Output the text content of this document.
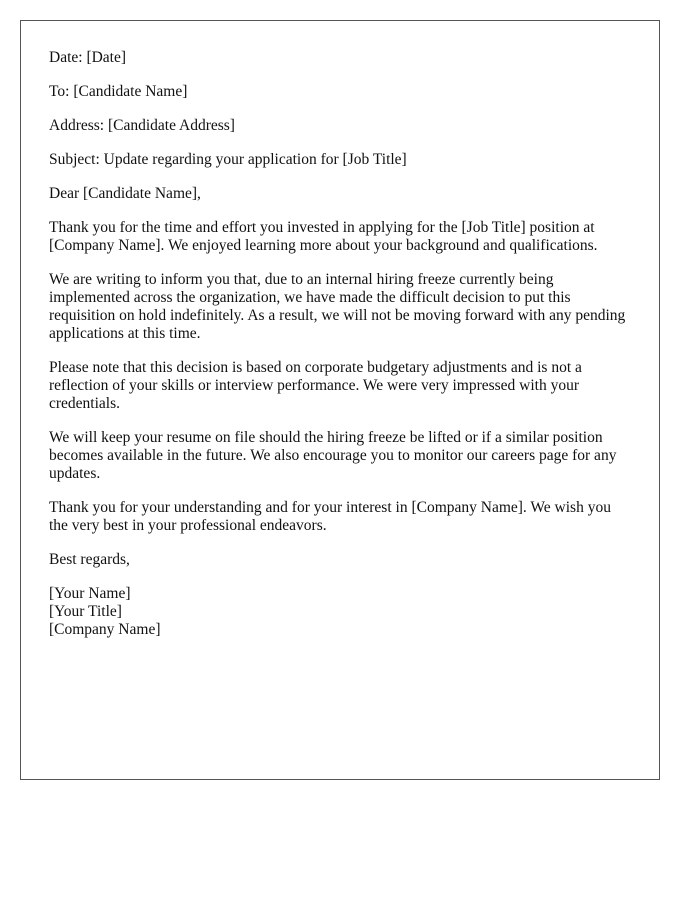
Date: [Date]

To: [Candidate Name]

Address: [Candidate Address]

Subject: Update regarding your application for [Job Title]

Dear [Candidate Name],

Thank you for the time and effort you invested in applying for the [Job Title] position at [Company Name]. We enjoyed learning more about your background and qualifications.

We are writing to inform you that, due to an internal hiring freeze currently being implemented across the organization, we have made the difficult decision to put this requisition on hold indefinitely. As a result, we will not be moving forward with any pending applications at this time.

Please note that this decision is based on corporate budgetary adjustments and is not a reflection of your skills or interview performance. We were very impressed with your credentials.

We will keep your resume on file should the hiring freeze be lifted or if a similar position becomes available in the future. We also encourage you to monitor our careers page for any updates.

Thank you for your understanding and for your interest in [Company Name]. We wish you the very best in your professional endeavors.

Best regards,

[Your Name]
[Your Title]
[Company Name]
